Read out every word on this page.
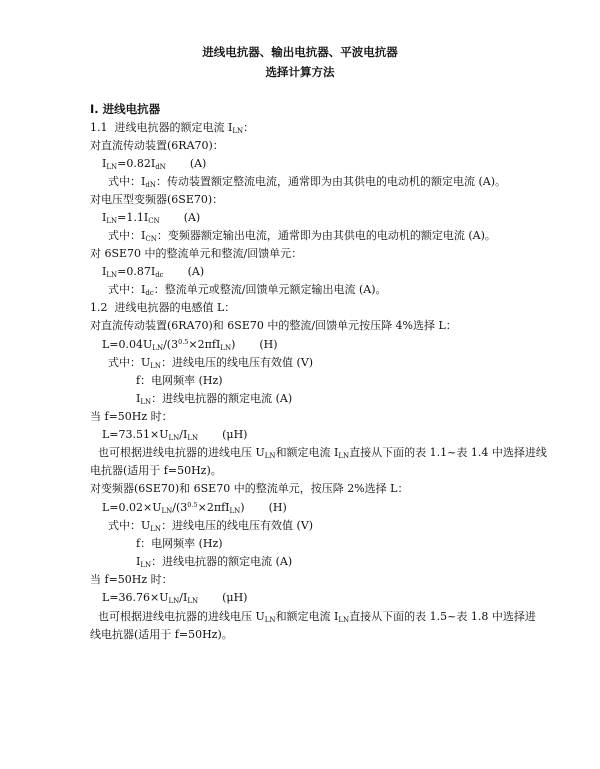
进线电抗器、输出电抗器、平波电抗器
选择计算方法
I. 进线电抗器
1.1 进线电抗器的额定电流 $I_{LN}$：
对直流传动装置(6RA70)：
$I_{LN}=0.82I_{dN}$ (A)
式中：$I_{dN}$：传动装置额定整流电流，通常即为由其供电的电动机的额定电流 (A)。
对电压型变频器(6SE70)：
$I_{LN}=1.1I_{CN}$ (A)
式中：$I_{CN}$：变频器额定输出电流，通常即为由其供电的电动机的额定电流 (A)。
对 6SE70 中的整流单元和整流/回馈单元：
$I_{LN}=0.87I_{dc}$ (A)
式中：$I_{dc}$：整流单元或整流/回馈单元额定输出电流 (A)。
1.2 进线电抗器的电感值 L：
对直流传动装置(6RA70)和 6SE70 中的整流/回馈单元按压降 4%选择 L：
$L=0.04U_{LN}/(3^{0.5}\times 2\pi fI_{LN})$ (H)
式中：$U_{LN}$：进线电压的线电压有效值 (V)
f：电网频率 (Hz)
$I_{LN}$：进线电抗器的额定电流 (A)
当 f=50Hz 时：
$L=73.51\times U_{LN}/I_{LN}$ (μH)
也可根据进线电抗器的进线电压 $U_{LN}$和额定电流 $I_{LN}$直接从下面的表 1.1~表 1.4 中选择进线
电抗器(适用于 f=50Hz)。
对变频器(6SE70)和 6SE70 中的整流单元，按压降 2%选择 L：
$L=0.02\times U_{LN}/(3^{0.5}\times 2\pi fI_{LN})$ (H)
式中：$U_{LN}$：进线电压的线电压有效值 (V)
f：电网频率 (Hz)
$I_{LN}$：进线电抗器的额定电流 (A)
当 f=50Hz 时：
$L=36.76\times U_{LN}/I_{LN}$ (μH)
也可根据进线电抗器的进线电压 $U_{LN}$和额定电流 $I_{LN}$直接从下面的表 1.5~表 1.8 中选择进
线电抗器(适用于 f=50Hz)。
